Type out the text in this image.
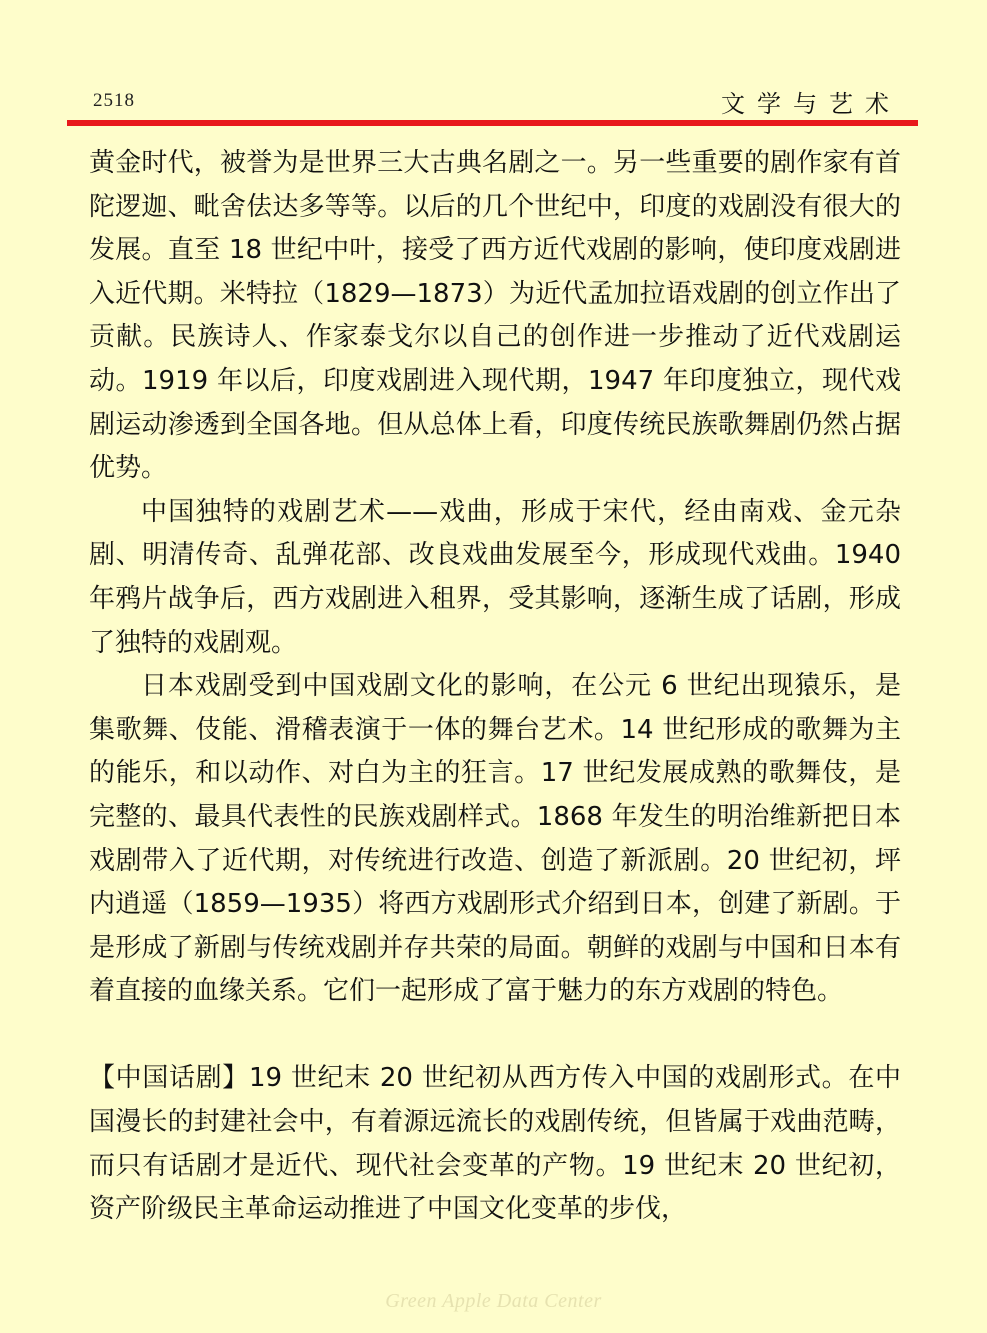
2518	文学与艺术

黄金时代，被誉为是世界三大古典名剧之一。另一些重要的剧作家有首陀逻迦、毗舍佉达多等等。以后的几个世纪中，印度的戏剧没有很大的发展。直至 18 世纪中叶，接受了西方近代戏剧的影响，使印度戏剧进入近代期。米特拉（1829—1873）为近代孟加拉语戏剧的创立作出了贡献。民族诗人、作家泰戈尔以自己的创作进一步推动了近代戏剧运动。1919 年以后，印度戏剧进入现代期，1947 年印度独立，现代戏剧运动渗透到全国各地。但从总体上看，印度传统民族歌舞剧仍然占据优势。

中国独特的戏剧艺术——戏曲，形成于宋代，经由南戏、金元杂剧、明清传奇、乱弹花部、改良戏曲发展至今，形成现代戏曲。1940 年鸦片战争后，西方戏剧进入租界，受其影响，逐渐生成了话剧，形成了独特的戏剧观。

日本戏剧受到中国戏剧文化的影响，在公元 6 世纪出现猿乐，是集歌舞、伎能、滑稽表演于一体的舞台艺术。14 世纪形成的歌舞为主的能乐，和以动作、对白为主的狂言。17 世纪发展成熟的歌舞伎，是完整的、最具代表性的民族戏剧样式。1868 年发生的明治维新把日本戏剧带入了近代期，对传统进行改造、创造了新派剧。20 世纪初，坪内逍遥（1859—1935）将西方戏剧形式介绍到日本，创建了新剧。于是形成了新剧与传统戏剧并存共荣的局面。朝鲜的戏剧与中国和日本有着直接的血缘关系。它们一起形成了富于魅力的东方戏剧的特色。

【中国话剧】19 世纪末 20 世纪初从西方传入中国的戏剧形式。在中国漫长的封建社会中，有着源远流长的戏剧传统，但皆属于戏曲范畴，而只有话剧才是近代、现代社会变革的产物。19 世纪末 20 世纪初，资产阶级民主革命运动推进了中国文化变革的步伐，

Green Apple Data Center
